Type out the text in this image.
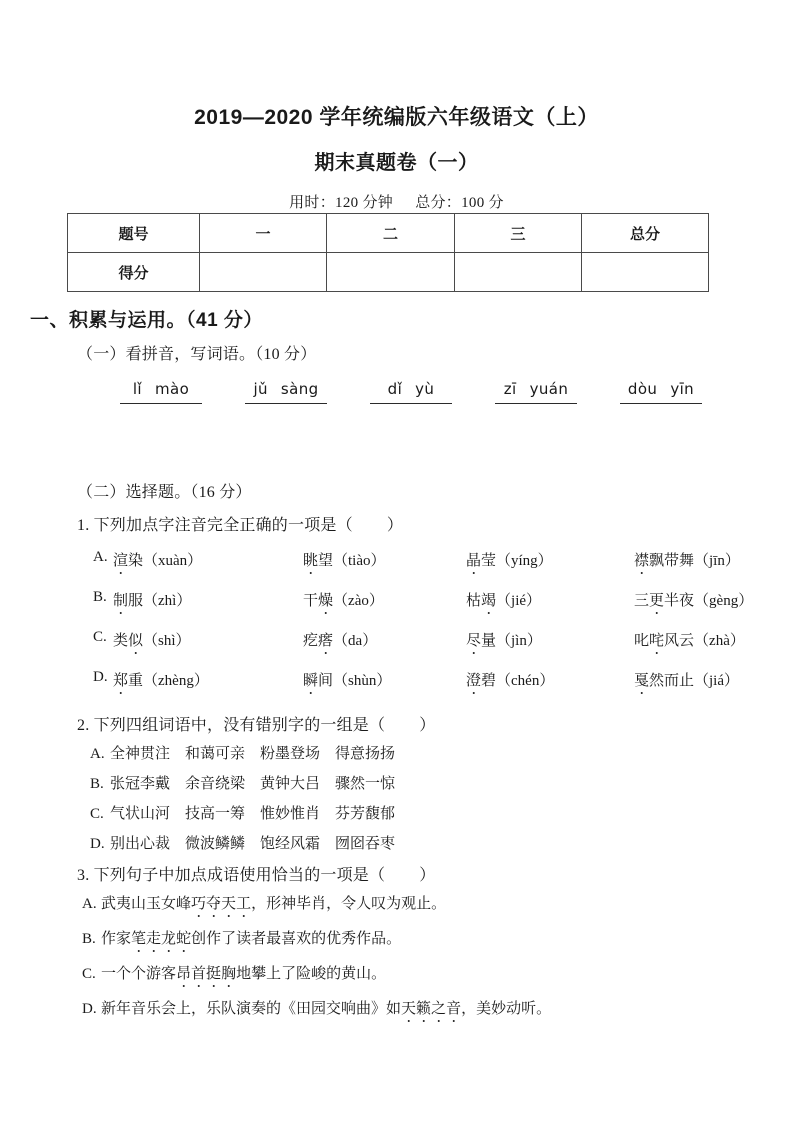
2019—2020 学年统编版六年级语文（上）
期末真题卷（一）

用时：120 分钟 总分：100 分

题号	一	二	三	总分
得分				
一、积累与运用。（41 分）
（一）看拼音，写词语。（10 分）
lǐ mào	jǔ sàng	dǐ yù	zī yuán	dòu yīn
（二）选择题。（16 分）
1. 下列加点字注音完全正确的一项是（ ）
A. 渲染（xuàn）	眺望（tiào）	晶莹（yíng）	襟飘带舞（jīn）
B. 制服（zhì）	干燥（zào）	枯竭（jié）	三更半夜（gèng）
C. 类似（shì）	疙瘩（da）	尽量（jìn）	叱咤风云（zhà）
D. 郑重（zhèng）	瞬间（shùn）	澄碧（chén）	戛然而止（jiá）
2. 下列四组词语中，没有错别字的一组是（ ）
A. 全神贯注 和蔼可亲 粉墨登场 得意扬扬
B. 张冠李戴 余音绕梁 黄钟大吕 骤然一惊
C. 气状山河 技高一筹 惟妙惟肖 芬芳馥郁
D. 别出心裁 微波鳞鳞 饱经风霜 囫囵吞枣
3. 下列句子中加点成语使用恰当的一项是（ ）
A. 武夷山玉女峰巧夺天工，形神毕肖，令人叹为观止。
B. 作家笔走龙蛇创作了读者最喜欢的优秀作品。
C. 一个个游客昂首挺胸地攀上了险峻的黄山。
D. 新年音乐会上，乐队演奏的《田园交响曲》如天籁之音，美妙动听。
